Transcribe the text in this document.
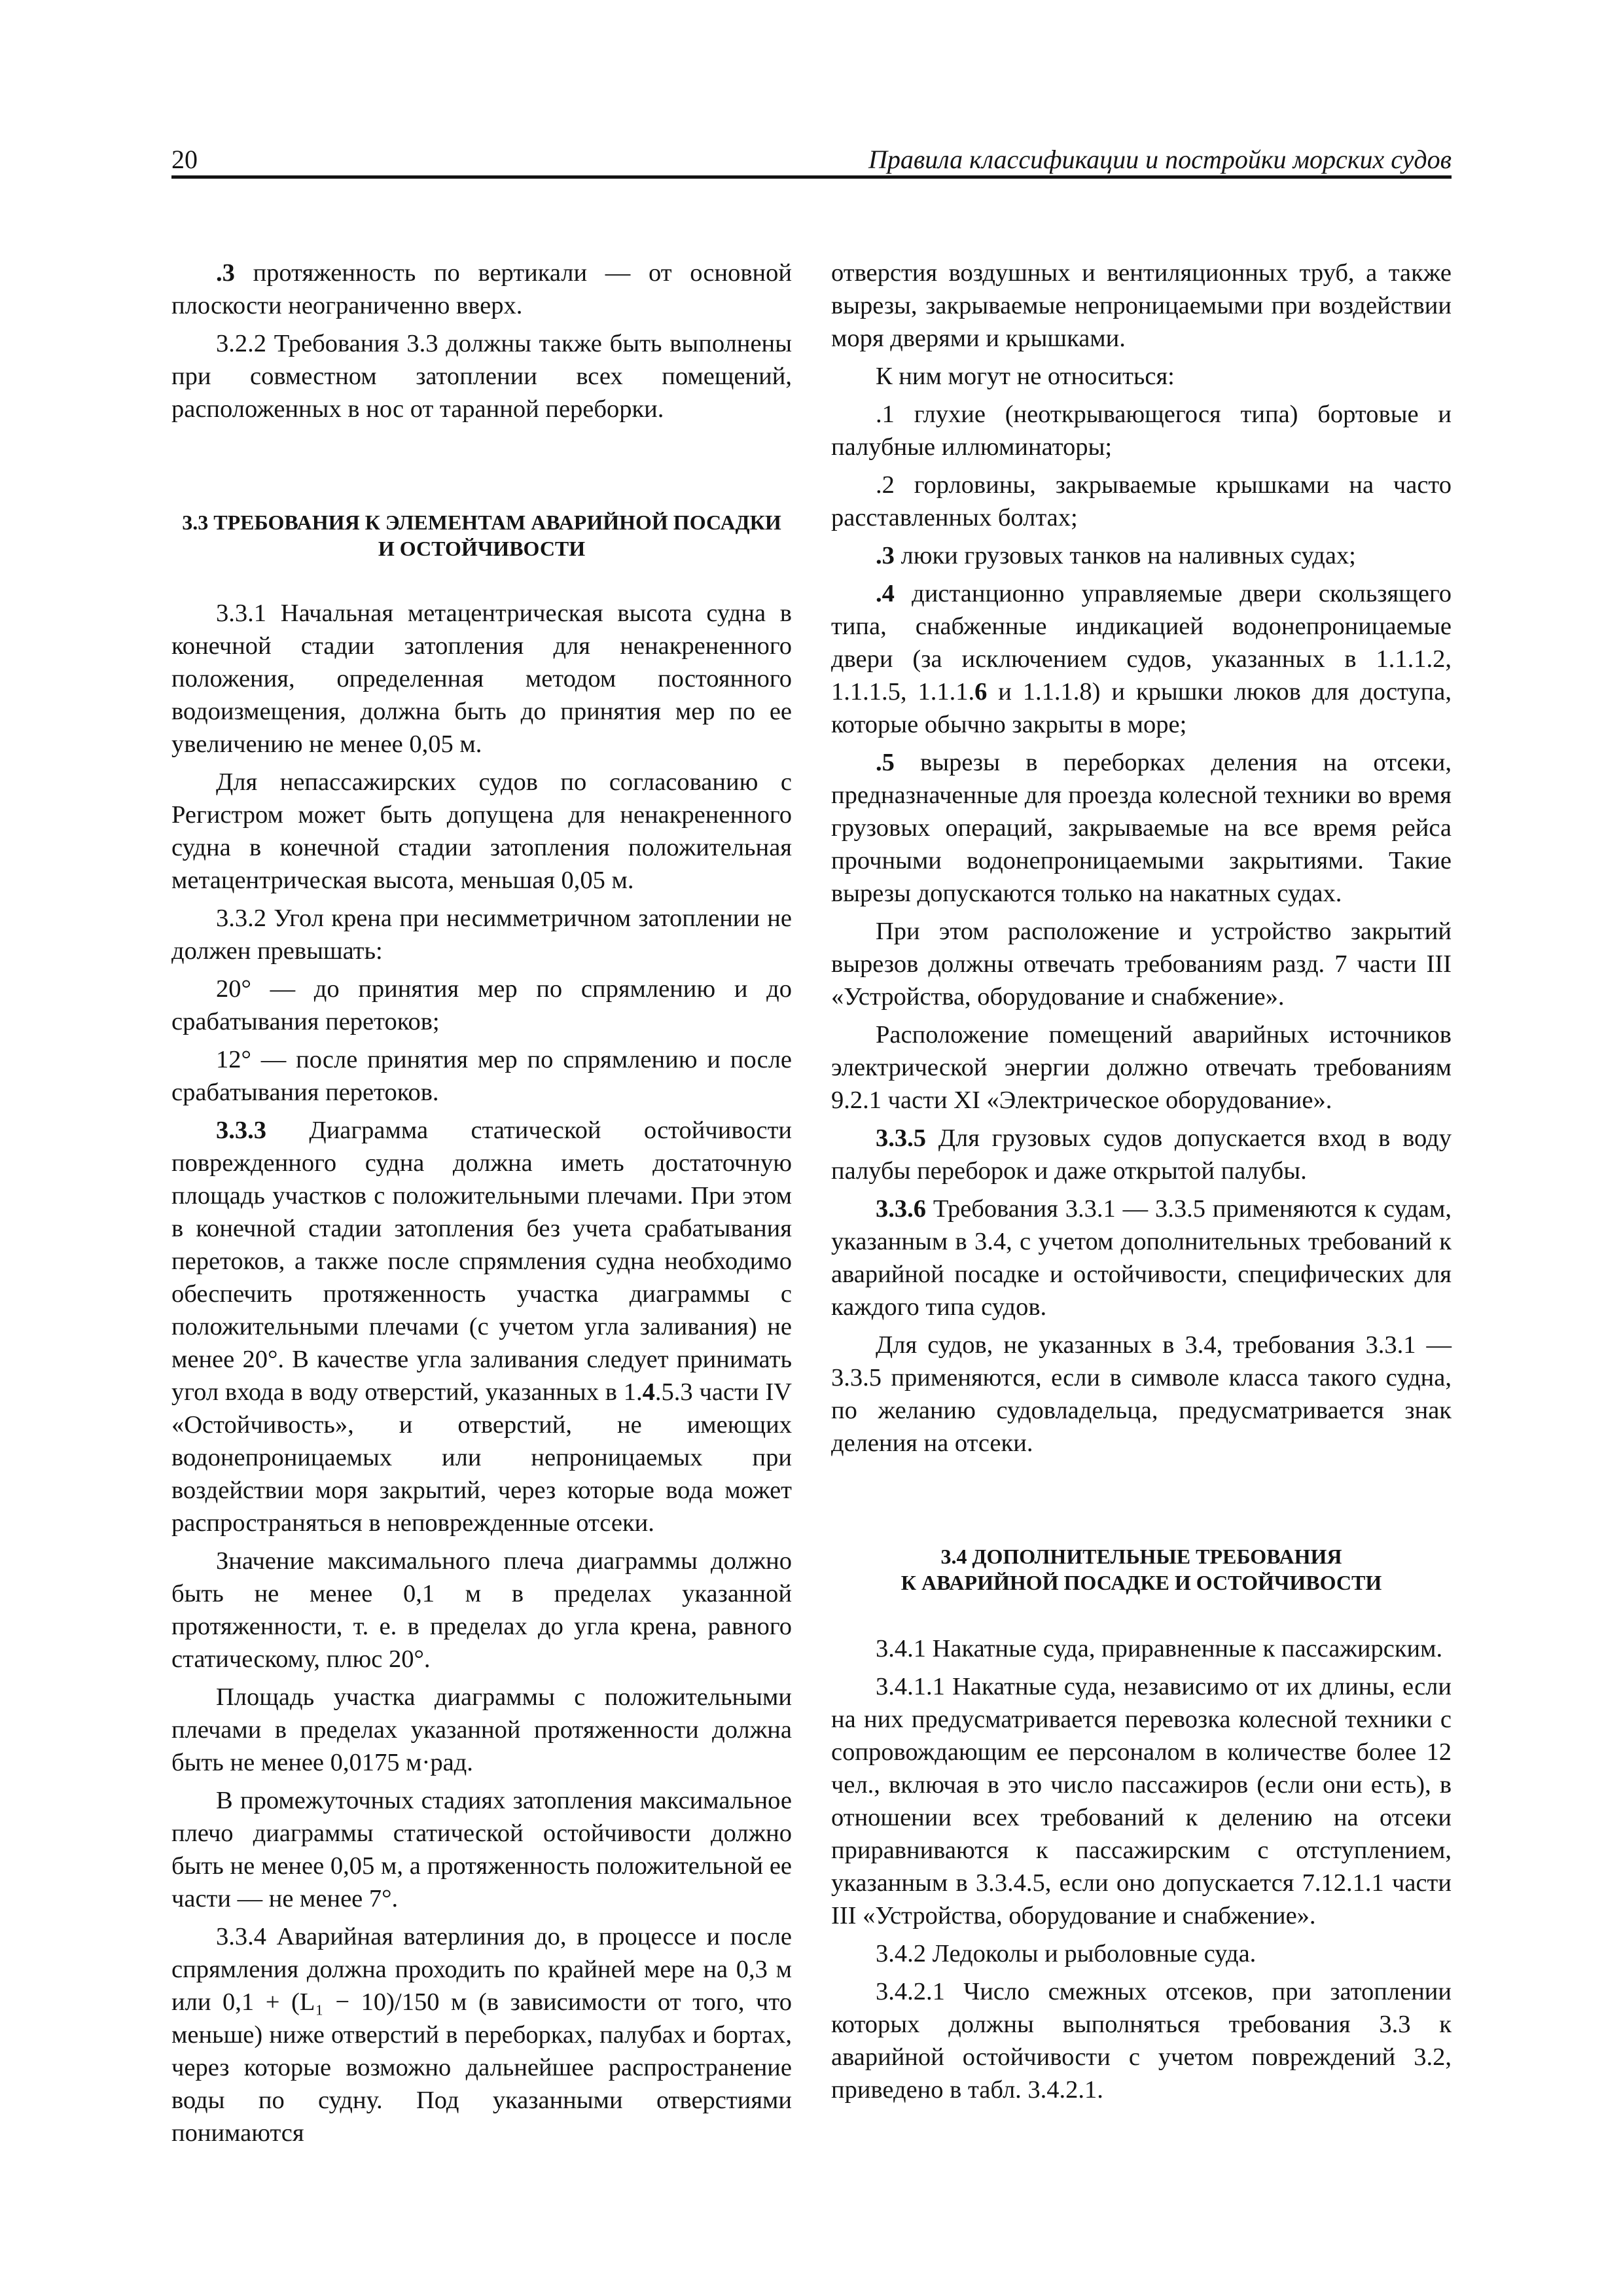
20	Правила классификации и постройки морских судов

.3 протяженность по вертикали — от основной плоскости неограниченно вверх.

3.2.2 Требования 3.3 должны также быть выполнены при совместном затоплении всех помещений, расположенных в нос от таранной переборки.

3.3 ТРЕБОВАНИЯ К ЭЛЕМЕНТАМ АВАРИЙНОЙ ПОСАДКИ
И ОСТОЙЧИВОСТИ

3.3.1 Начальная метацентрическая высота судна в конечной стадии затопления для ненакрененного положения, определенная методом постоянного водоизмещения, должна быть до принятия мер по ее увеличению не менее 0,05 м.

Для непассажирских судов по согласованию с Регистром может быть допущена для ненакрененного судна в конечной стадии затопления положительная метацентрическая высота, меньшая 0,05 м.

3.3.2 Угол крена при несимметричном затоплении не должен превышать:

20° — до принятия мер по спрямлению и до срабатывания перетоков;

12° — после принятия мер по спрямлению и после срабатывания перетоков.

3.3.3 Диаграмма статической остойчивости поврежденного судна должна иметь достаточную площадь участков с положительными плечами. При этом в конечной стадии затопления без учета срабатывания перетоков, а также после спрямления судна необходимо обеспечить протяженность участка диаграммы с положительными плечами (с учетом угла заливания) не менее 20°. В качестве угла заливания следует принимать угол входа в воду отверстий, указанных в 1.4.5.3 части IV «Остойчивость», и отверстий, не имеющих водонепроницаемых или непроницаемых при воздействии моря закрытий, через которые вода может распространяться в неповрежденные отсеки.

Значение максимального плеча диаграммы должно быть не менее 0,1 м в пределах указанной протяженности, т. е. в пределах до угла крена, равного статическому, плюс 20°.

Площадь участка диаграммы с положительными плечами в пределах указанной протяженности должна быть не менее 0,0175 м·рад.

В промежуточных стадиях затопления максимальное плечо диаграммы статической остойчивости должно быть не менее 0,05 м, а протяженность положительной ее части — не менее 7°.

3.3.4 Аварийная ватерлиния до, в процессе и после спрямления должна проходить по крайней мере на 0,3 м или 0,1 + (L₁ − 10)/150 м (в зависимости от того, что меньше) ниже отверстий в переборках, палубах и бортах, через которые возможно дальнейшее распространение воды по судну. Под указанными отверстиями понимаются

отверстия воздушных и вентиляционных труб, а также вырезы, закрываемые непроницаемыми при воздействии моря дверями и крышками.

К ним могут не относиться:

.1 глухие (неоткрывающегося типа) бортовые и палубные иллюминаторы;

.2 горловины, закрываемые крышками на часто расставленных болтах;

.3 люки грузовых танков на наливных судах;

.4 дистанционно управляемые двери скользящего типа, снабженные индикацией водонепроницаемые двери (за исключением судов, указанных в 1.1.1.2, 1.1.1.5, 1.1.1.6 и 1.1.1.8) и крышки люков для доступа, которые обычно закрыты в море;

.5 вырезы в переборках деления на отсеки, предназначенные для проезда колесной техники во время грузовых операций, закрываемые на все время рейса прочными водонепроницаемыми закрытиями. Такие вырезы допускаются только на накатных судах.

При этом расположение и устройство закрытий вырезов должны отвечать требованиям разд. 7 части III «Устройства, оборудование и снабжение».

Расположение помещений аварийных источников электрической энергии должно отвечать требованиям 9.2.1 части XI «Электрическое оборудование».

3.3.5 Для грузовых судов допускается вход в воду палубы переборок и даже открытой палубы.

3.3.6 Требования 3.3.1 — 3.3.5 применяются к судам, указанным в 3.4, с учетом дополнительных требований к аварийной посадке и остойчивости, специфических для каждого типа судов.

Для судов, не указанных в 3.4, требования 3.3.1 — 3.3.5 применяются, если в символе класса такого судна, по желанию судовладельца, предусматривается знак деления на отсеки.

3.4 ДОПОЛНИТЕЛЬНЫЕ ТРЕБОВАНИЯ
К АВАРИЙНОЙ ПОСАДКЕ И ОСТОЙЧИВОСТИ

3.4.1 Накатные суда, приравненные к пассажирским.

3.4.1.1 Накатные суда, независимо от их длины, если на них предусматривается перевозка колесной техники с сопровождающим ее персоналом в количестве более 12 чел., включая в это число пассажиров (если они есть), в отношении всех требований к делению на отсеки приравниваются к пассажирским с отступлением, указанным в 3.3.4.5, если оно допускается 7.12.1.1 части III «Устройства, оборудование и снабжение».

3.4.2 Ледоколы и рыболовные суда.

3.4.2.1 Число смежных отсеков, при затоплении которых должны выполняться требования 3.3 к аварийной остойчивости с учетом повреждений 3.2, приведено в табл. 3.4.2.1.
